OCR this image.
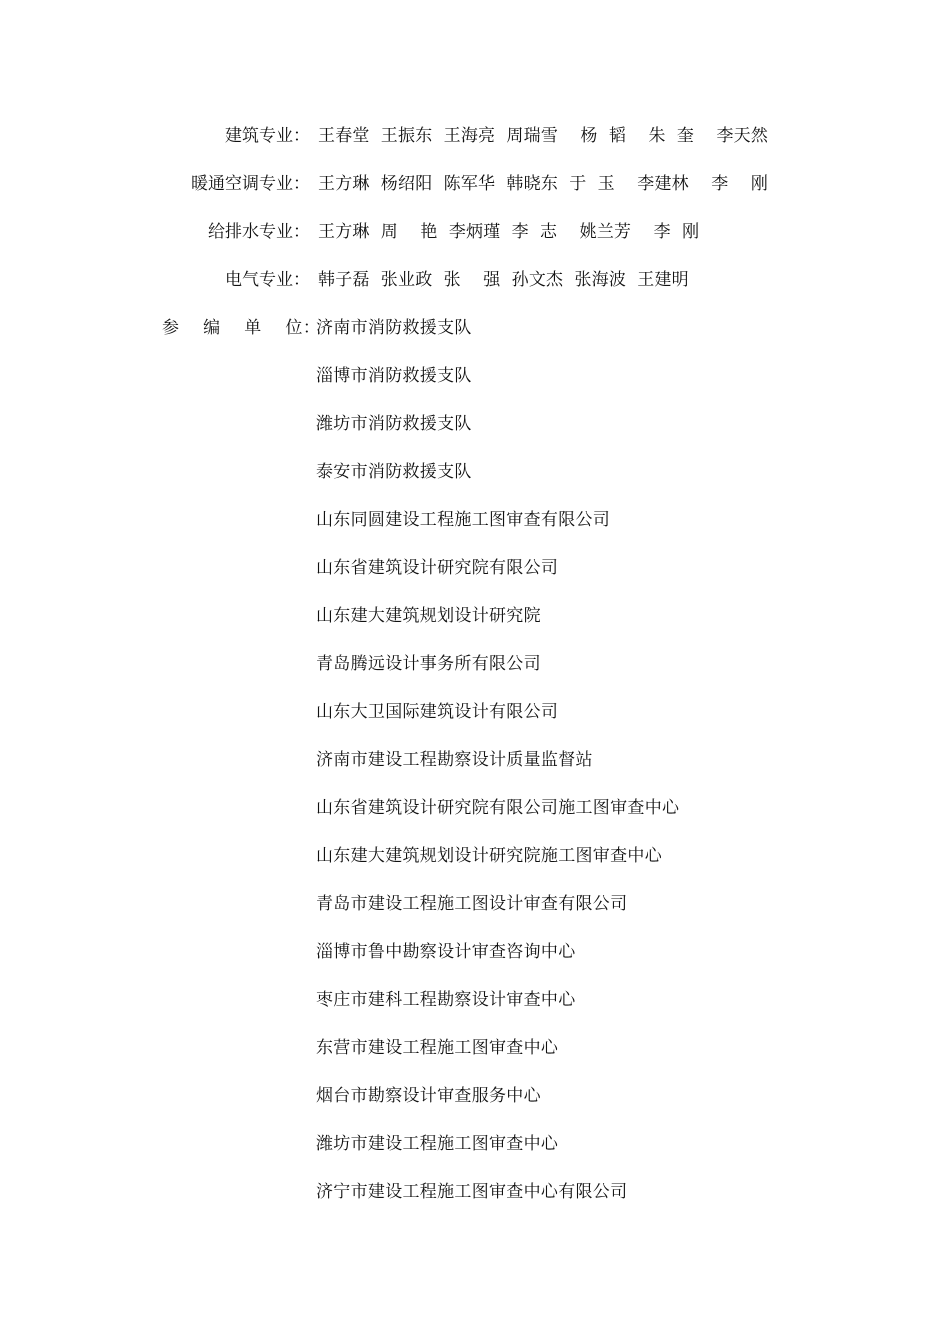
建筑专业： 王春堂  王振东  王海亮  周瑞雪    杨  韬    朱  奎    李天然
暖通空调专业： 王方琳  杨绍阳  陈军华  韩晓东  于  玉    李建林    李    刚
给排水专业： 王方琳  周    艳  李炳瑾  李  志    姚兰芳    李  刚
电气专业： 韩子磊  张业政  张    强  孙文杰  张海波  王建明
参    编    单    位：
济南市消防救援支队
淄博市消防救援支队
潍坊市消防救援支队
泰安市消防救援支队
山东同圆建设工程施工图审查有限公司
山东省建筑设计研究院有限公司
山东建大建筑规划设计研究院
青岛腾远设计事务所有限公司
山东大卫国际建筑设计有限公司
济南市建设工程勘察设计质量监督站
山东省建筑设计研究院有限公司施工图审查中心
山东建大建筑规划设计研究院施工图审查中心
青岛市建设工程施工图设计审查有限公司
淄博市鲁中勘察设计审查咨询中心
枣庄市建科工程勘察设计审查中心
东营市建设工程施工图审查中心
烟台市勘察设计审查服务中心
潍坊市建设工程施工图审查中心
济宁市建设工程施工图审查中心有限公司
